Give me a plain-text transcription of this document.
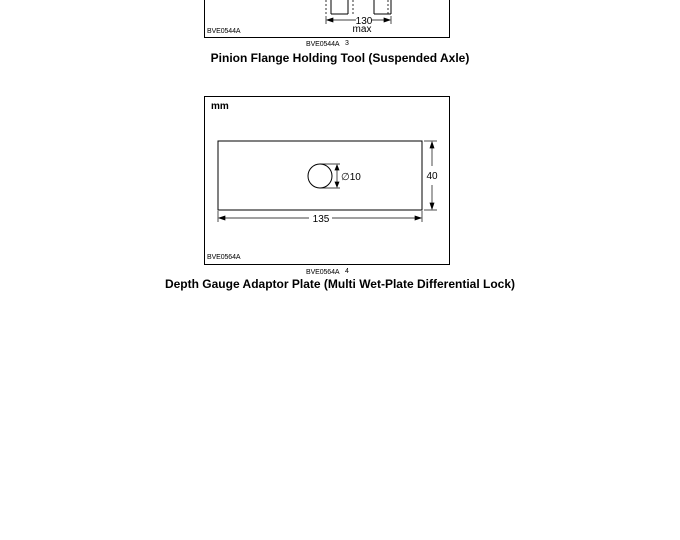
BVE0544A
130
max
BVE0544A 3
Pinion Flange Holding Tool (Suspended Axle)
mm
BVE0564A
∅10	40
135
BVE0564A 4
Depth Gauge Adaptor Plate (Multi Wet-Plate Differential Lock)
